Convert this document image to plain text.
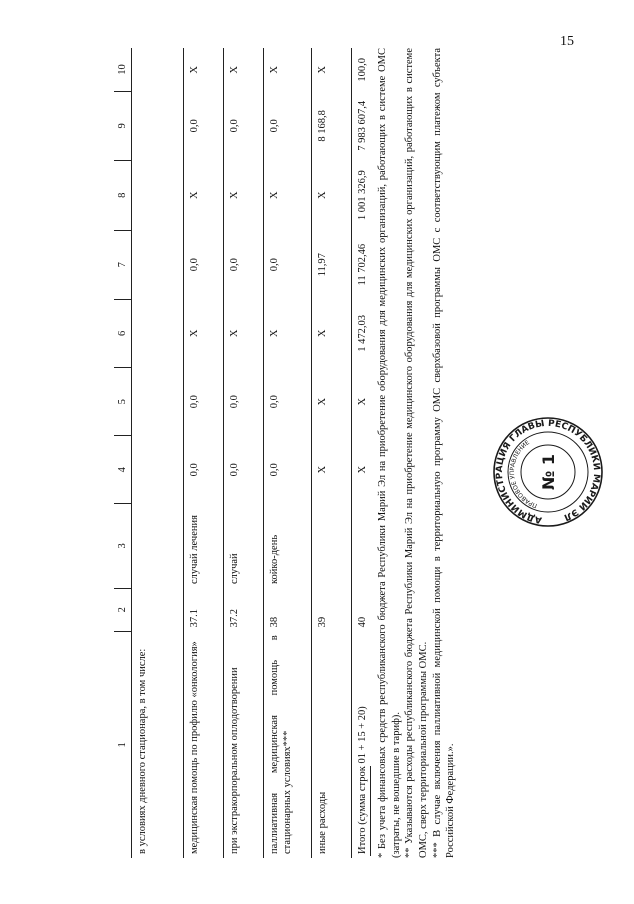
15
1	2	3	4	5	6	7	8	9	10
в условиях дневного стационара, в том числе:									
медицинская помощь по профилю «онкология»	37.1	случай лечения	0,0	0,0	X	0,0	X	0,0	X
при экстракорпоральном оплодотворении	37.2	случай	0,0	0,0	X	0,0	X	0,0	X
паллиативная медицинская помощь в стационарных условиях***	38	койко-день	0,0	0,0	X	0,0	X	0,0	X
иные расходы	39		X	X	X	11,97	X	8 168,8	X
Итого (сумма строк 01 + 15 + 20)	40		X	X	1 472,03	11 702,46	1 001 326,9	7 983 607,4	100,0 * Без учета финансовых средств республиканского бюджета Республики Марий Эл на приобретение оборудования для медицинских организаций, работающих в системе ОМС (затраты, не вошедшие в тариф). ** Указываются расходы республиканского бюджета Республики Марий Эл на приобретение медицинского оборудования для медицинских организаций, работающих в системе ОМС, сверх территориальной программы ОМС. *** В случае включения паллиативной медицинской помощи в территориальную программу ОМС сверхбазовой программы ОМС с соответствующим платежом субъекта Российской Федерации.».

АДМИНИСТРАЦИЯ ГЛАВЫ РЕСПУБЛИКИ МАРИЙ ЭЛ
ПРАВОВОЕ УПРАВЛЕНИЕ
№ 1
